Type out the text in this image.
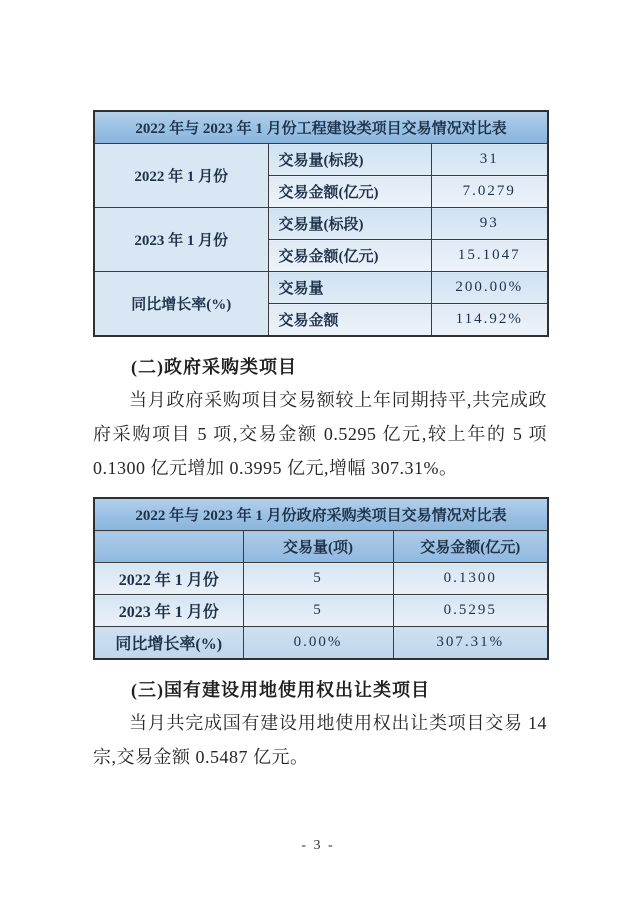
2022 年与 2023 年 1 月份工程建设类项目交易情况对比表		
2022 年 1 月份	交易量(标段)	31
	交易金额(亿元)	7.0279
2023 年 1 月份	交易量(标段)	93
	交易金额(亿元)	15.1047
同比增长率(%)	交易量	200.00%
	交易金额	114.92%
(二)政府采购类项目

当月政府采购项目交易额较上年同期持平,共完成政府采购项目 5 项,交易金额 0.5295 亿元,较上年的 5 项 0.1300 亿元增加 0.3995 亿元,增幅 307.31%。

2022 年与 2023 年 1 月份政府采购类项目交易情况对比表		
	交易量(项)	交易金额(亿元)
2022 年 1 月份	5	0.1300
2023 年 1 月份	5	0.5295
同比增长率(%)	0.00%	307.31%
(三)国有建设用地使用权出让类项目

当月共完成国有建设用地使用权出让类项目交易 14 宗,交易金额 0.5487 亿元。

- 3 -
